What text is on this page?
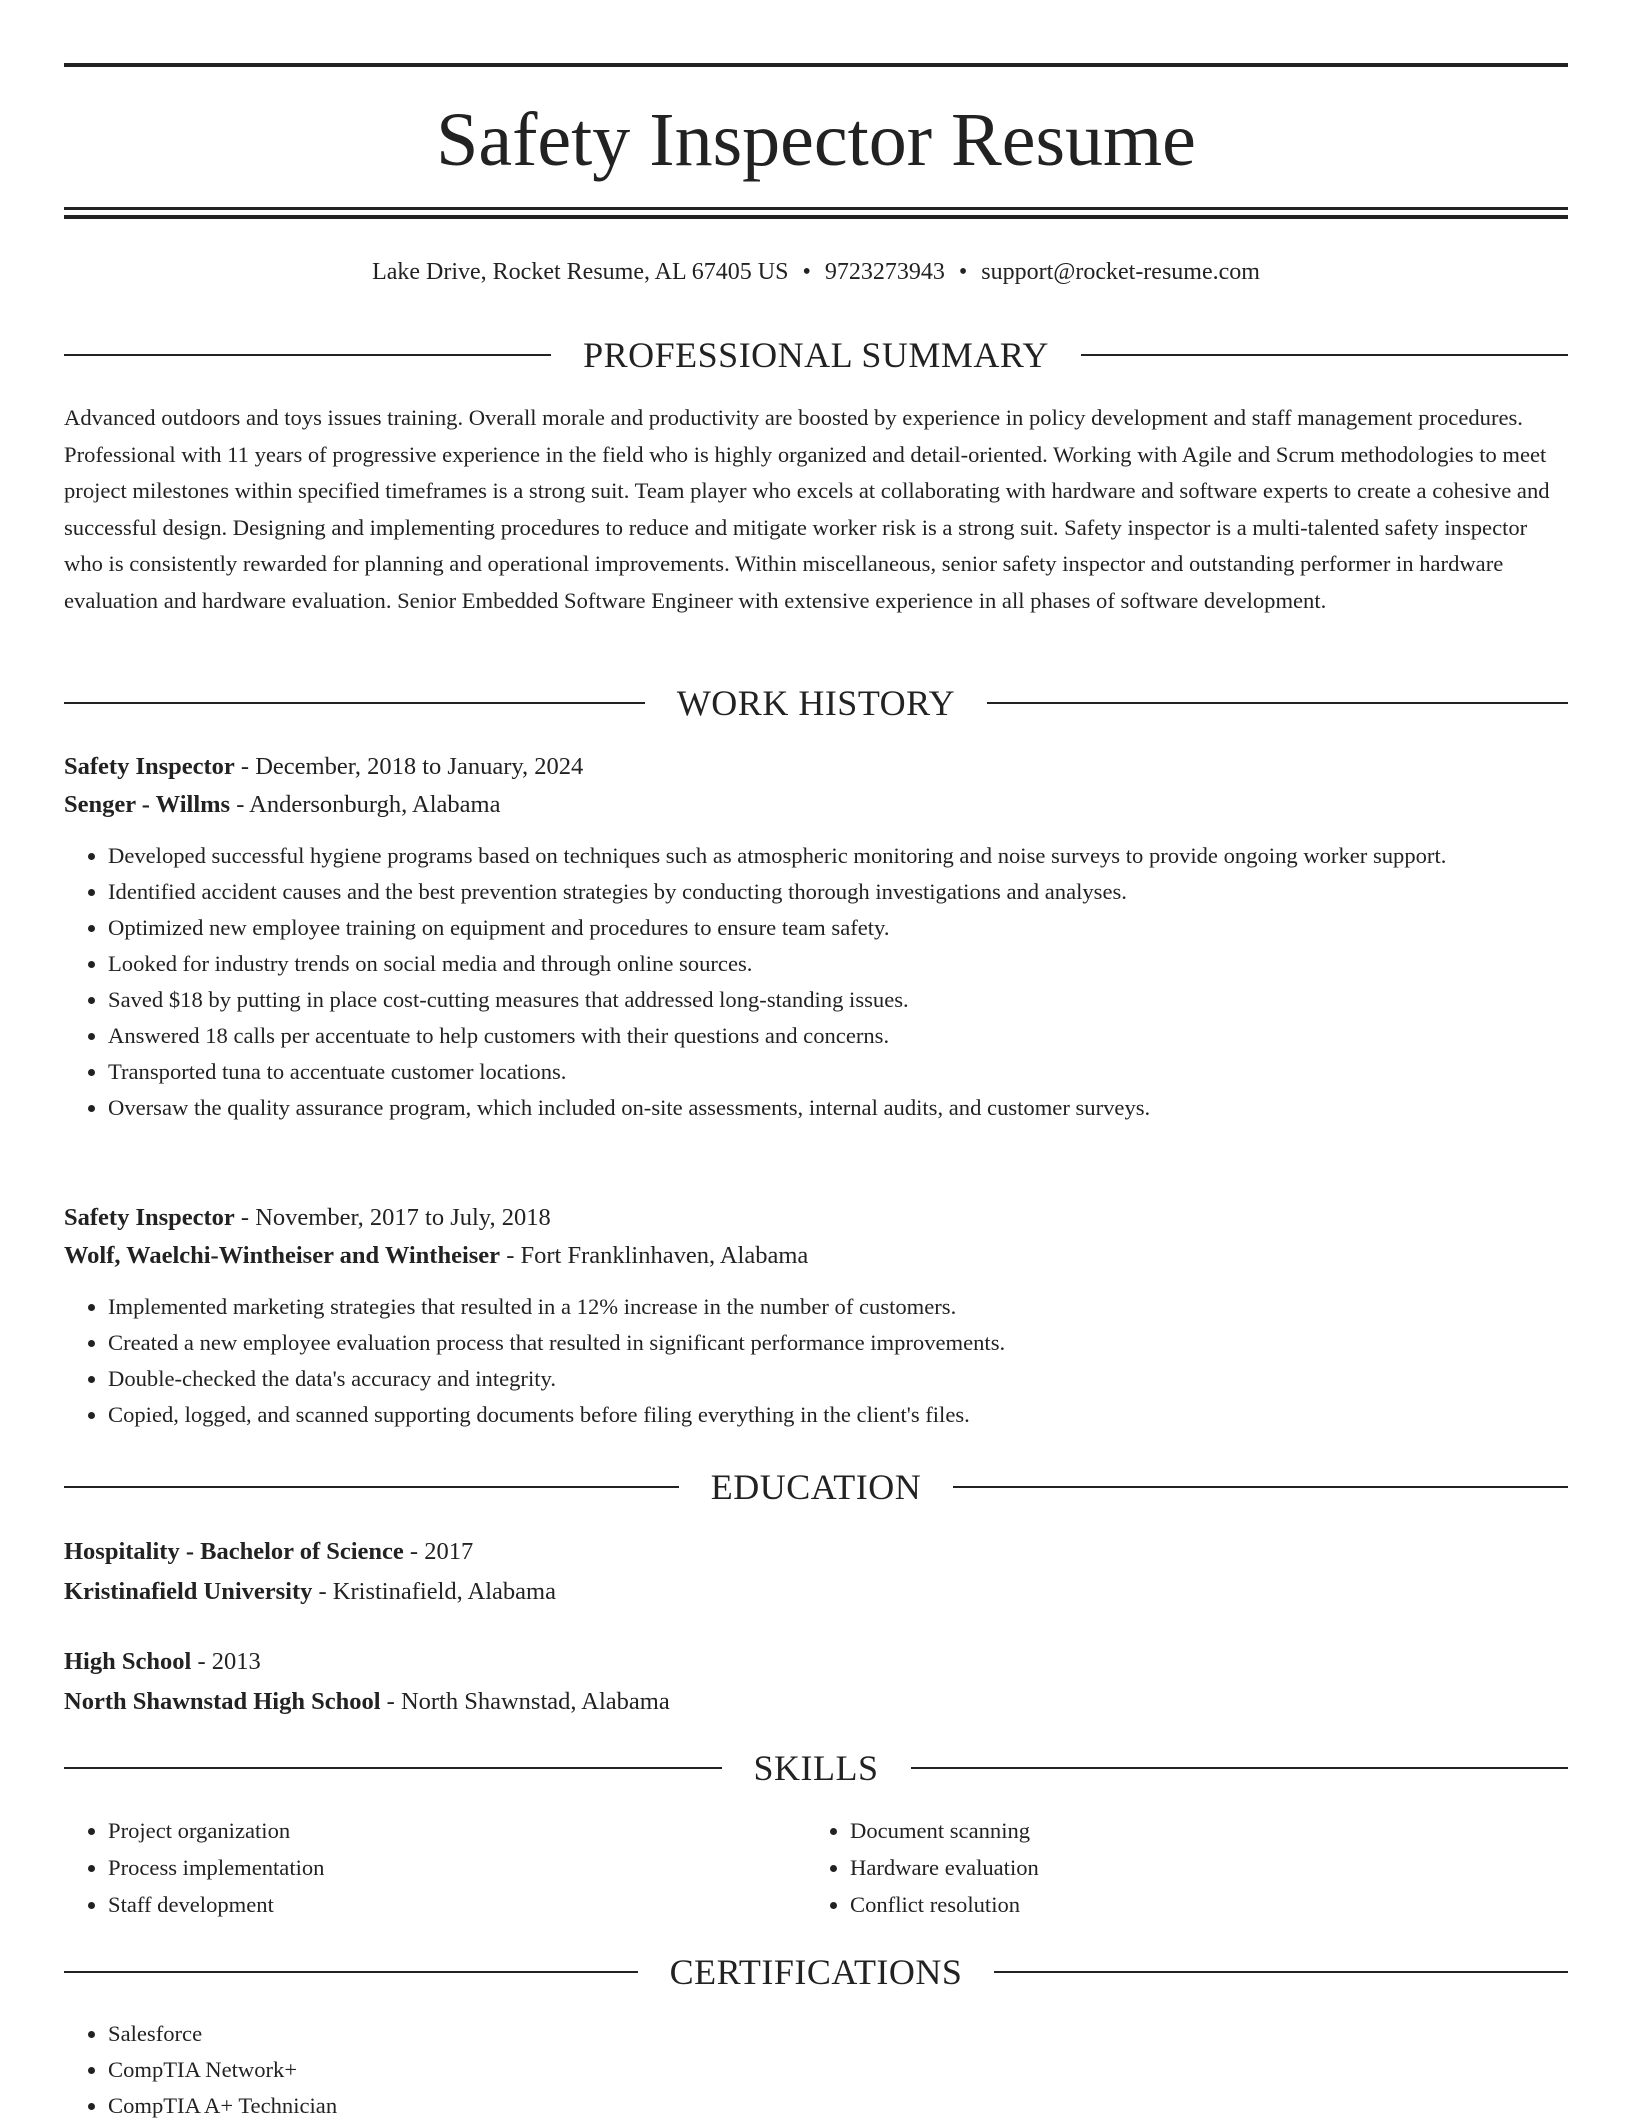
Safety Inspector Resume
Lake Drive, Rocket Resume, AL 67405 US • 9723273943 • support@rocket-resume.com
PROFESSIONAL SUMMARY

Advanced outdoors and toys issues training. Overall morale and productivity are boosted by experience in policy development and staff management procedures. Professional with 11 years of progressive experience in the field who is highly organized and detail-oriented. Working with Agile and Scrum methodologies to meet project milestones within specified timeframes is a strong suit. Team player who excels at collaborating with hardware and software experts to create a cohesive and successful design. Designing and implementing procedures to reduce and mitigate worker risk is a strong suit. Safety inspector is a multi-talented safety inspector who is consistently rewarded for planning and operational improvements. Within miscellaneous, senior safety inspector and outstanding performer in hardware evaluation and hardware evaluation. Senior Embedded Software Engineer with extensive experience in all phases of software development.

WORK HISTORY
Safety Inspector - December, 2018 to January, 2024
Senger - Willms - Andersonburgh, Alabama
• Developed successful hygiene programs based on techniques such as atmospheric monitoring and noise surveys to provide ongoing worker support.
• Identified accident causes and the best prevention strategies by conducting thorough investigations and analyses.
• Optimized new employee training on equipment and procedures to ensure team safety.
• Looked for industry trends on social media and through online sources.
• Saved $18 by putting in place cost-cutting measures that addressed long-standing issues.
• Answered 18 calls per accentuate to help customers with their questions and concerns.
• Transported tuna to accentuate customer locations.
• Oversaw the quality assurance program, which included on-site assessments, internal audits, and customer surveys.
Safety Inspector - November, 2017 to July, 2018
Wolf, Waelchi-Wintheiser and Wintheiser - Fort Franklinhaven, Alabama
• Implemented marketing strategies that resulted in a 12% increase in the number of customers.
• Created a new employee evaluation process that resulted in significant performance improvements.
• Double-checked the data's accuracy and integrity.
• Copied, logged, and scanned supporting documents before filing everything in the client's files.
EDUCATION
Hospitality - Bachelor of Science - 2017
Kristinafield University - Kristinafield, Alabama
High School - 2013
North Shawnstad High School - North Shawnstad, Alabama
SKILLS
• Project organization
• Process implementation
• Staff development
• Document scanning
• Hardware evaluation
• Conflict resolution
CERTIFICATIONS
• Salesforce
• CompTIA Network+
• CompTIA A+ Technician
